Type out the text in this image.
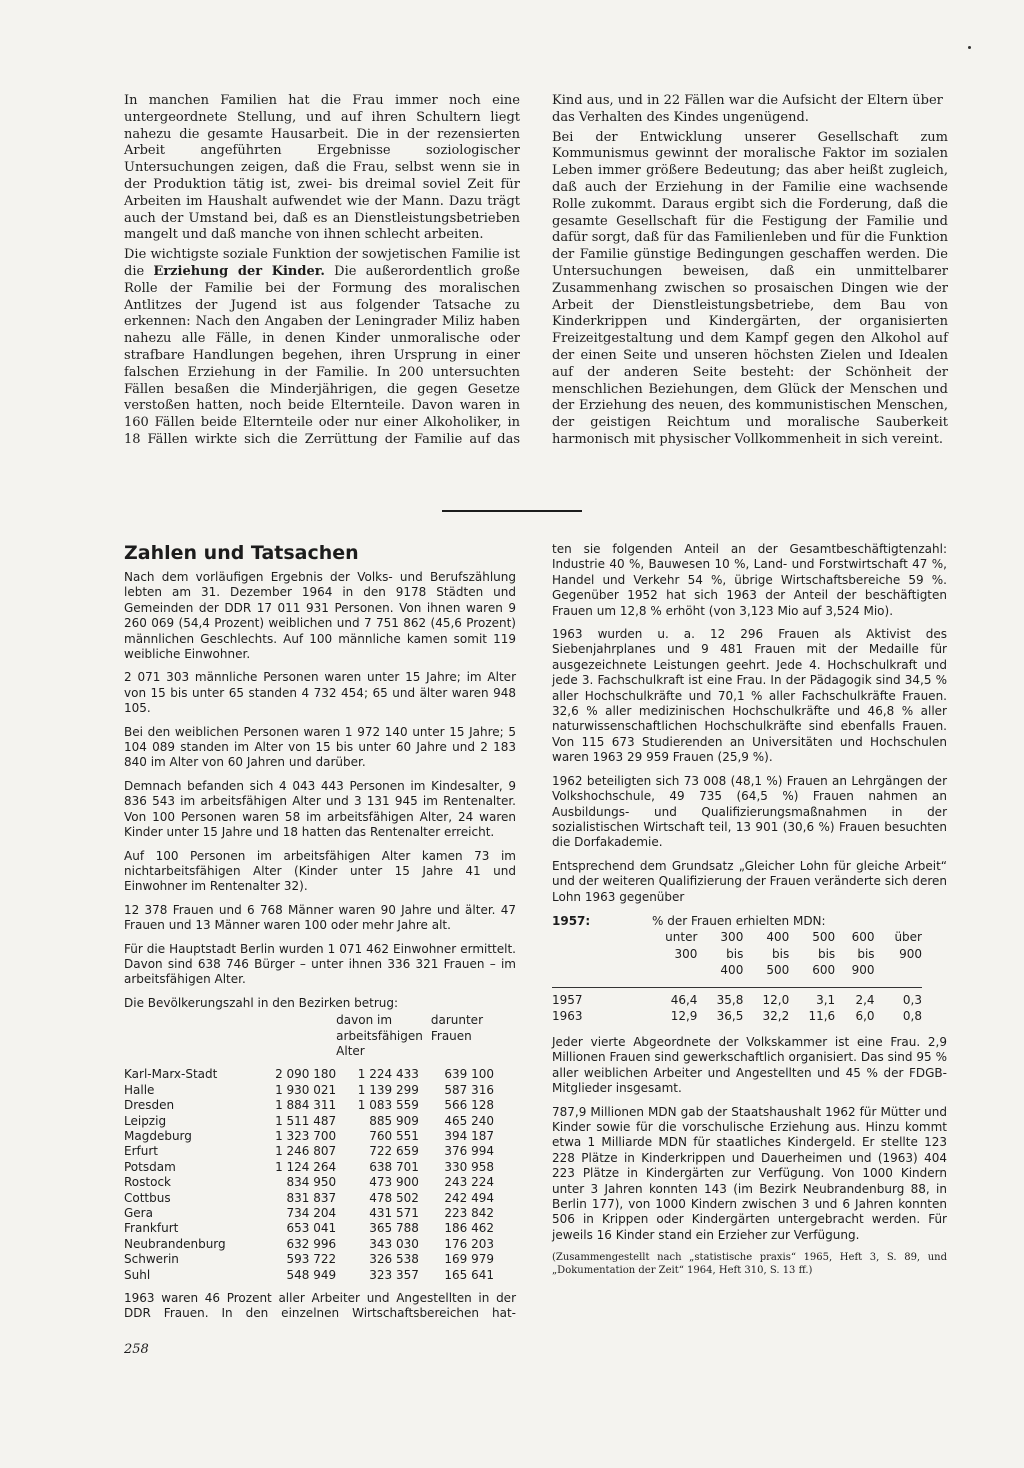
In manchen Familien hat die Frau immer noch eine untergeordnete Stellung, und auf ihren Schultern liegt nahezu die gesamte Hausarbeit. Die in der rezensierten Arbeit angeführten Ergebnisse soziologischer Untersuchungen zeigen, daß die Frau, selbst wenn sie in der Produktion tätig ist, zwei- bis dreimal soviel Zeit für Arbeiten im Haushalt aufwendet wie der Mann. Dazu trägt auch der Umstand bei, daß es an Dienstleistungsbetrieben mangelt und daß manche von ihnen schlecht arbeiten.

Die wichtigste soziale Funktion der sowjetischen Familie ist die Erziehung der Kinder. Die außerordentlich große Rolle der Familie bei der Formung des moralischen Antlitzes der Jugend ist aus folgender Tatsache zu erkennen: Nach den Angaben der Leningrader Miliz haben nahezu alle Fälle, in denen Kinder unmoralische oder strafbare Handlungen begehen, ihren Ursprung in einer falschen Erziehung in der Familie. In 200 untersuchten Fällen besaßen die Minderjährigen, die gegen Gesetze verstoßen hatten, noch beide Elternteile. Davon waren in 160 Fällen beide Elternteile oder nur einer Alkoholiker, in 18 Fällen wirkte sich die Zerrüttung der Familie auf das

Kind aus, und in 22 Fällen war die Aufsicht der Eltern über das Verhalten des Kindes ungenügend.

Bei der Entwicklung unserer Gesellschaft zum Kommunismus gewinnt der moralische Faktor im sozialen Leben immer größere Bedeutung; das aber heißt zugleich, daß auch der Erziehung in der Familie eine wachsende Rolle zukommt. Daraus ergibt sich die Forderung, daß die gesamte Gesellschaft für die Festigung der Familie und dafür sorgt, daß für das Familienleben und für die Funktion der Familie günstige Bedingungen geschaffen werden. Die Untersuchungen beweisen, daß ein unmittelbarer Zusammenhang zwischen so prosaischen Dingen wie der Arbeit der Dienstleistungsbetriebe, dem Bau von Kinderkrippen und Kindergärten, der organisierten Freizeitgestaltung und dem Kampf gegen den Alkohol auf der einen Seite und unseren höchsten Zielen und Idealen auf der anderen Seite besteht: der Schönheit der menschlichen Beziehungen, dem Glück der Menschen und der Erziehung des neuen, des kommunistischen Menschen, der geistigen Reichtum und moralische Sauberkeit harmonisch mit physischer Vollkommenheit in sich vereint.

Zahlen und Tatsachen

Nach dem vorläufigen Ergebnis der Volks- und Berufszählung lebten am 31. Dezember 1964 in den 9178 Städten und Gemeinden der DDR 17 011 931 Personen. Von ihnen waren 9 260 069 (54,4 Prozent) weiblichen und 7 751 862 (45,6 Prozent) männlichen Geschlechts. Auf 100 männliche kamen somit 119 weibliche Einwohner.

2 071 303 männliche Personen waren unter 15 Jahre; im Alter von 15 bis unter 65 standen 4 732 454; 65 und älter waren 948 105.

Bei den weiblichen Personen waren 1 972 140 unter 15 Jahre; 5 104 089 standen im Alter von 15 bis unter 60 Jahre und 2 183 840 im Alter von 60 Jahren und darüber.

Demnach befanden sich 4 043 443 Personen im Kindesalter, 9 836 543 im arbeitsfähigen Alter und 3 131 945 im Rentenalter. Von 100 Personen waren 58 im arbeitsfähigen Alter, 24 waren Kinder unter 15 Jahre und 18 hatten das Rentenalter erreicht.

Auf 100 Personen im arbeitsfähigen Alter kamen 73 im nichtarbeitsfähigen Alter (Kinder unter 15 Jahre 41 und Einwohner im Rentenalter 32).

12 378 Frauen und 6 768 Männer waren 90 Jahre und älter. 47 Frauen und 13 Männer waren 100 oder mehr Jahre alt.

Für die Hauptstadt Berlin wurden 1 071 462 Einwohner ermittelt. Davon sind 638 746 Bürger – unter ihnen 336 321 Frauen – im arbeitsfähigen Alter.

Die Bevölkerungszahl in den Bezirken betrug:

		davon im arbeitsfähigen Alter	darunter Frauen

Karl-Marx-Stadt	2 090 180	1 224 433	639 100
Halle	1 930 021	1 139 299	587 316
Dresden	1 884 311	1 083 559	566 128
Leipzig	1 511 487	885 909	465 240
Magdeburg	1 323 700	760 551	394 187
Erfurt	1 246 807	722 659	376 994
Potsdam	1 124 264	638 701	330 958
Rostock	834 950	473 900	243 224
Cottbus	831 837	478 502	242 494
Gera	734 204	431 571	223 842
Frankfurt	653 041	365 788	186 462
Neubrandenburg	632 996	343 030	176 203
Schwerin	593 722	326 538	169 979
Suhl	548 949	323 357	165 641

1963 waren 46 Prozent aller Arbeiter und Angestellten in der DDR Frauen. In den einzelnen Wirtschaftsbereichen hat-

ten sie folgenden Anteil an der Gesamtbeschäftigtenzahl: Industrie 40 %, Bauwesen 10 %, Land- und Forstwirtschaft 47 %, Handel und Verkehr 54 %, übrige Wirtschaftsbereiche 59 %. Gegenüber 1952 hat sich 1963 der Anteil der beschäftigten Frauen um 12,8 % erhöht (von 3,123 Mio auf 3,524 Mio).

1963 wurden u. a. 12 296 Frauen als Aktivist des Siebenjahrplanes und 9 481 Frauen mit der Medaille für ausgezeichnete Leistungen geehrt. Jede 4. Hochschulkraft und jede 3. Fachschulkraft ist eine Frau. In der Pädagogik sind 34,5 % aller Hochschulkräfte und 70,1 % aller Fachschulkräfte Frauen. 32,6 % aller medizinischen Hochschulkräfte und 46,8 % aller naturwissenschaftlichen Hochschulkräfte sind ebenfalls Frauen. Von 115 673 Studierenden an Universitäten und Hochschulen waren 1963 29 959 Frauen (25,9 %).

1962 beteiligten sich 73 008 (48,1 %) Frauen an Lehrgängen der Volkshochschule, 49 735 (64,5 %) Frauen nahmen an Ausbildungs- und Qualifizierungsmaßnahmen in der sozialistischen Wirtschaft teil, 13 901 (30,6 %) Frauen besuchten die Dorfakademie.

Entsprechend dem Grundsatz „Gleicher Lohn für gleiche Arbeit“ und der weiteren Qualifizierung der Frauen veränderte sich deren Lohn 1963 gegenüber

1957:	% der Frauen erhielten MDN:					
	unter	300	400	500	600	über
	300	bis	bis	bis	bis	900
		400	500	600	900	

1957	46,4	35,8	12,0	3,1	2,4	0,3
1963	12,9	36,5	32,2	11,6	6,0	0,8

Jeder vierte Abgeordnete der Volkskammer ist eine Frau. 2,9 Millionen Frauen sind gewerkschaftlich organisiert. Das sind 95 % aller weiblichen Arbeiter und Angestellten und 45 % der FDGB-Mitglieder insgesamt.

787,9 Millionen MDN gab der Staatshaushalt 1962 für Mütter und Kinder sowie für die vorschulische Erziehung aus. Hinzu kommt etwa 1 Milliarde MDN für staatliches Kindergeld. Er stellte 123 228 Plätze in Kinderkrippen und Dauerheimen und (1963) 404 223 Plätze in Kindergärten zur Verfügung. Von 1000 Kindern unter 3 Jahren konnten 143 (im Bezirk Neubrandenburg 88, in Berlin 177), von 1000 Kindern zwischen 3 und 6 Jahren konnten 506 in Krippen oder Kindergärten untergebracht werden. Für jeweils 16 Kinder stand ein Erzieher zur Verfügung.

(Zusammengestellt nach „statistische praxis“ 1965, Heft 3, S. 89, und „Dokumentation der Zeit“ 1964, Heft 310, S. 13 ff.)

258
